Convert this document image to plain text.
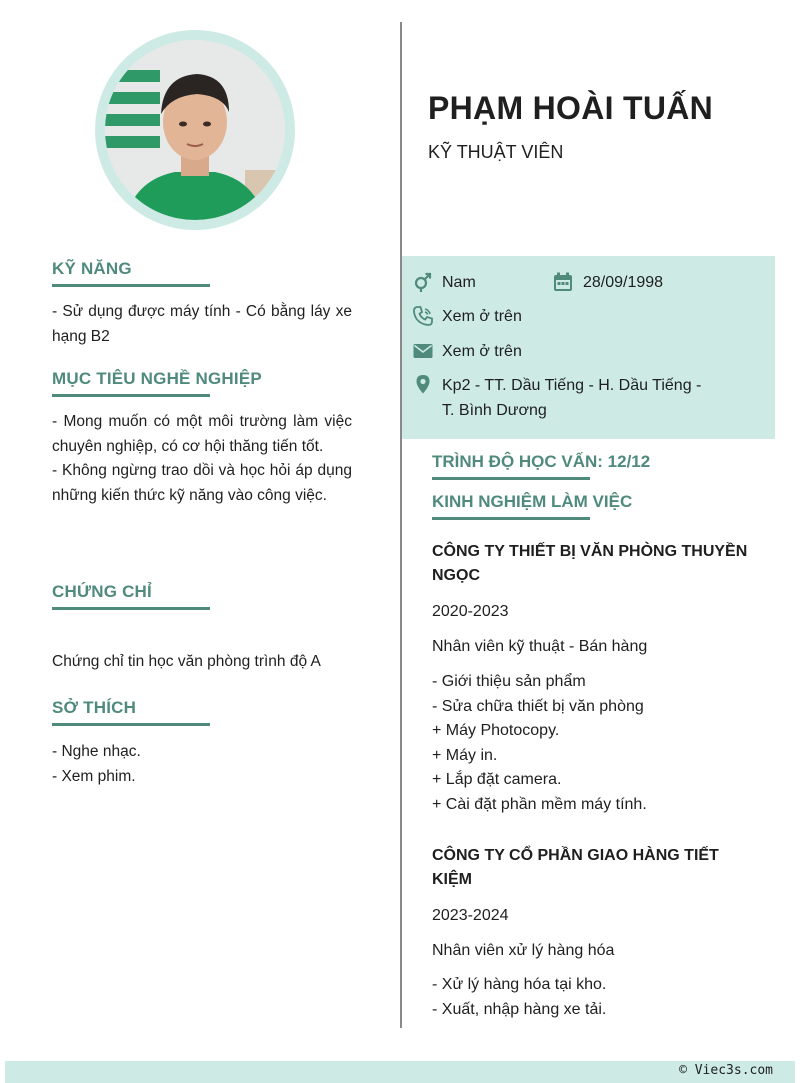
KỸ NĂNG

- Sử dụng được máy tính - Có bằng láy xe hạng B2

MỤC TIÊU NGHỀ NGHIỆP

- Mong muốn có một môi trường làm việc chuyên nghiệp, có cơ hội thăng tiến tốt.

- Không ngừng trao dồi và học hỏi áp dụng những kiến thức kỹ năng vào công việc.

CHỨNG CHỈ

Chứng chỉ tin học văn phòng trình độ A

SỞ THÍCH

- Nghe nhạc.

- Xem phim.

PHẠM HOÀI TUẤN
KỸ THUẬT VIÊN
Nam	28/09/1998
Xem ở trên
Xem ở trên
Kp2 - TT. Dầu Tiếng - H. Dầu Tiếng -
T. Bình Dương
TRÌNH ĐỘ HỌC VẤN: 12/12
KINH NGHIỆM LÀM VIỆC
CÔNG TY THIẾT BỊ VĂN PHÒNG THUYỀN NGỌC
2020-2023
Nhân viên kỹ thuật - Bán hàng

- Giới thiệu sản phẩm

- Sửa chữa thiết bị văn phòng

+ Máy Photocopy.

+ Máy in.

+ Lắp đặt camera.

+ Cài đặt phần mềm máy tính.

CÔNG TY CỔ PHẦN GIAO HÀNG TIẾT KIỆM
2023-2024
Nhân viên xử lý hàng hóa

- Xử lý hàng hóa tại kho.

- Xuất, nhập hàng xe tải.

© Viec3s.com
